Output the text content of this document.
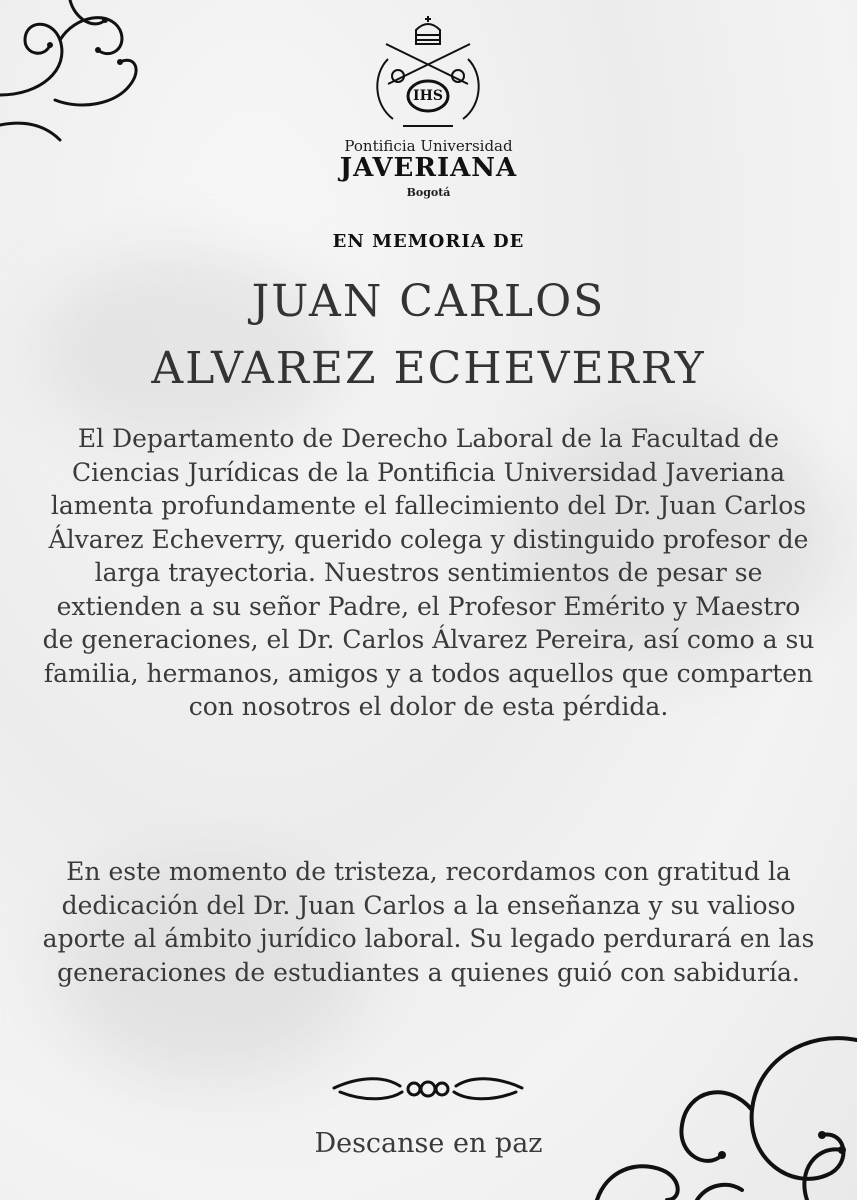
IHS
Pontificia Universidad
JAVERIANA
Bogotá
EN MEMORIA DE
JUAN CARLOS
ALVAREZ ECHEVERRY

El Departamento de Derecho Laboral de la Facultad de Ciencias Jurídicas de la Pontificia Universidad Javeriana lamenta profundamente el fallecimiento del Dr. Juan Carlos Álvarez Echeverry, querido colega y distinguido profesor de larga trayectoria. Nuestros sentimientos de pesar se extienden a su señor Padre, el Profesor Emérito y Maestro de generaciones, el Dr. Carlos Álvarez Pereira, así como a su familia, hermanos, amigos y a todos aquellos que comparten con nosotros el dolor de esta pérdida.

En este momento de tristeza, recordamos con gratitud la dedicación del Dr. Juan Carlos a la enseñanza y su valioso aporte al ámbito jurídico laboral. Su legado perdurará en las generaciones de estudiantes a quienes guió con sabiduría.

Descanse en paz
